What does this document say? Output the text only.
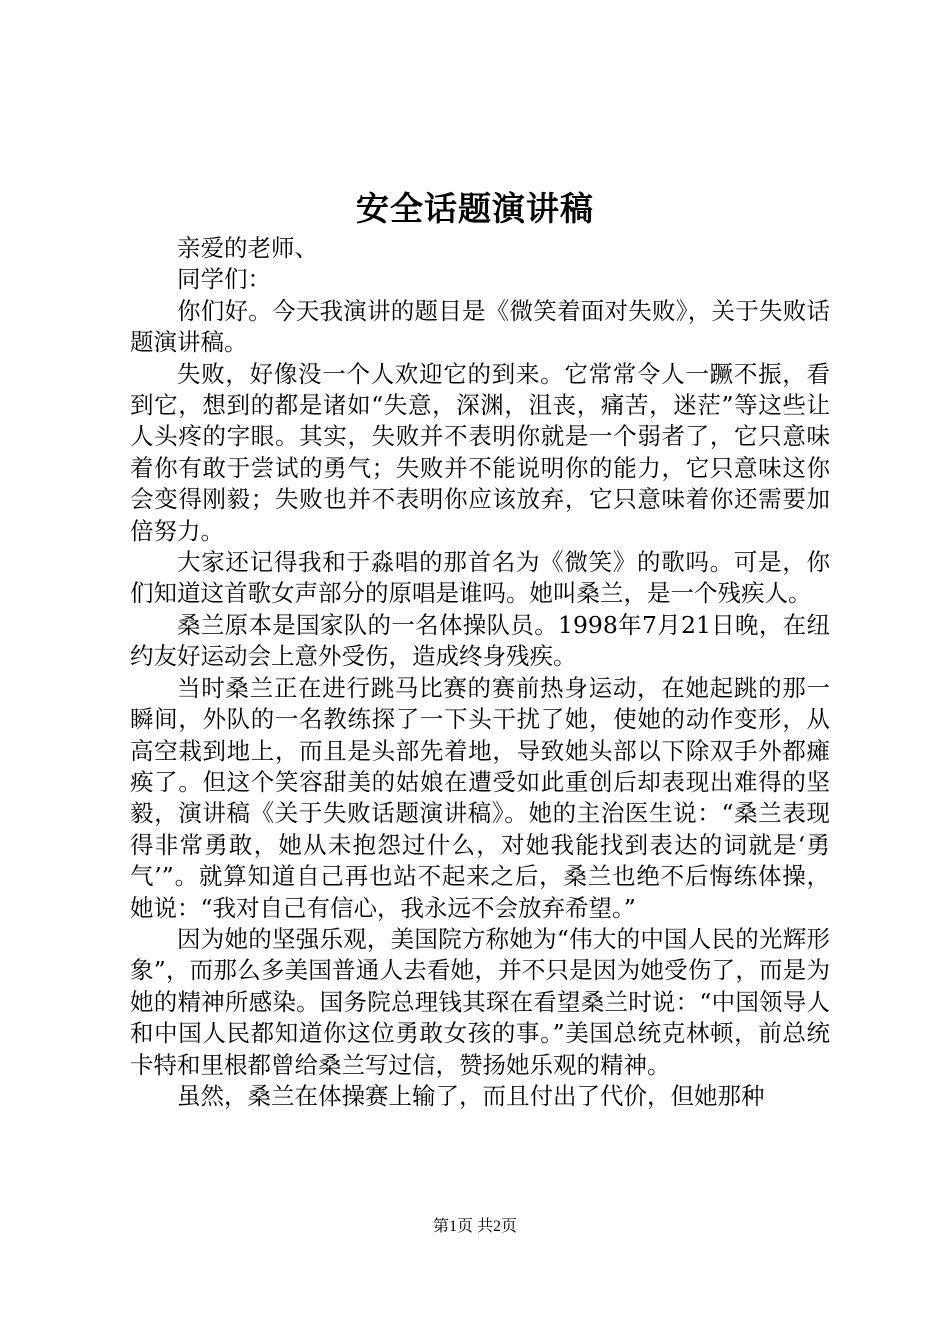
安全话题演讲稿

亲爱的老师、

同学们：

你们好。今天我演讲的题目是《微笑着面对失败》，关于失败话题演讲稿。

失败，好像没一个人欢迎它的到来。它常常令人一蹶不振，看到它，想到的都是诸如“失意，深渊，沮丧，痛苦，迷茫”等这些让人头疼的字眼。其实，失败并不表明你就是一个弱者了，它只意味着你有敢于尝试的勇气；失败并不能说明你的能力，它只意味这你会变得刚毅；失败也并不表明你应该放弃，它只意味着你还需要加倍努力。

大家还记得我和于淼唱的那首名为《微笑》的歌吗。可是，你们知道这首歌女声部分的原唱是谁吗。她叫桑兰，是一个残疾人。

桑兰原本是国家队的一名体操队员。1998年7月21日晚，在纽约友好运动会上意外受伤，造成终身残疾。

当时桑兰正在进行跳马比赛的赛前热身运动，在她起跳的那一瞬间，外队的一名教练探了一下头干扰了她，使她的动作变形，从高空栽到地上，而且是头部先着地，导致她头部以下除双手外都瘫痪了。但这个笑容甜美的姑娘在遭受如此重创后却表现出难得的坚毅，演讲稿《关于失败话题演讲稿》。她的主治医生说：“桑兰表现得非常勇敢，她从未抱怨过什么，对她我能找到表达的词就是‘勇气’”。就算知道自己再也站不起来之后，桑兰也绝不后悔练体操，她说：“我对自己有信心，我永远不会放弃希望。”

因为她的坚强乐观，美国院方称她为“伟大的中国人民的光辉形象”，而那么多美国普通人去看她，并不只是因为她受伤了，而是为她的精神所感染。国务院总理钱其琛在看望桑兰时说：“中国领导人和中国人民都知道你这位勇敢女孩的事。”美国总统克林顿，前总统卡特和里根都曾给桑兰写过信，赞扬她乐观的精神。

虽然，桑兰在体操赛上输了，而且付出了代价，但她那种

第1页 共2页
